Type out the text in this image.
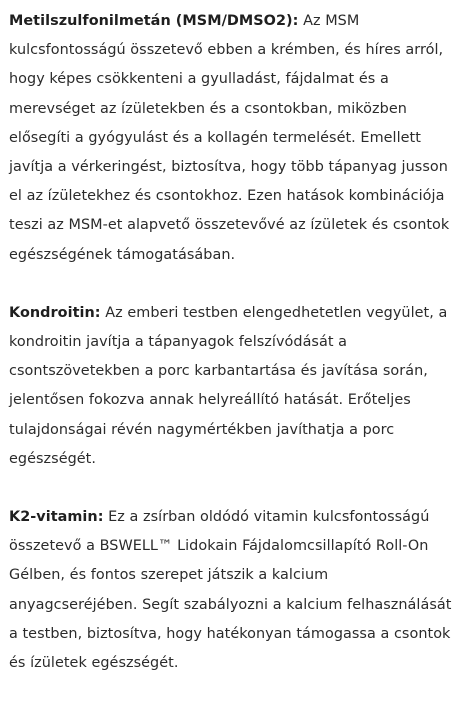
Metilszulfonilmetán (MSM/DMSO2): Az MSM kulcsfontosságú összetevő ebben a krémben, és híres arról, hogy képes csökkenteni a gyulladást, fájdalmat és a merevséget az ízületekben és a csontokban, miközben elősegíti a gyógyulást és a kollagén termelését. Emellett javítja a vérkeringést, biztosítva, hogy több tápanyag jusson el az ízületekhez és csontokhoz. Ezen hatások kombinációja teszi az MSM-et alapvető összetevővé az ízületek és csontok egészségének támogatásában.

Kondroitin: Az emberi testben elengedhetetlen vegyület, a kondroitin javítja a tápanyagok felszívódását a csontszövetekben a porc karbantartása és javítása során, jelentősen fokozva annak helyreállító hatását. Erőteljes tulajdonságai révén nagymértékben javíthatja a porc egészségét.

K2-vitamin: Ez a zsírban oldódó vitamin kulcsfontosságú összetevő a BSWELL™ Lidokain Fájdalomcsillapító Roll-On Gélben, és fontos szerepet játszik a kalcium anyagcseréjében. Segít szabályozni a kalcium felhasználását a testben, biztosítva, hogy hatékonyan támogassa a csontok és ízületek egészségét.
